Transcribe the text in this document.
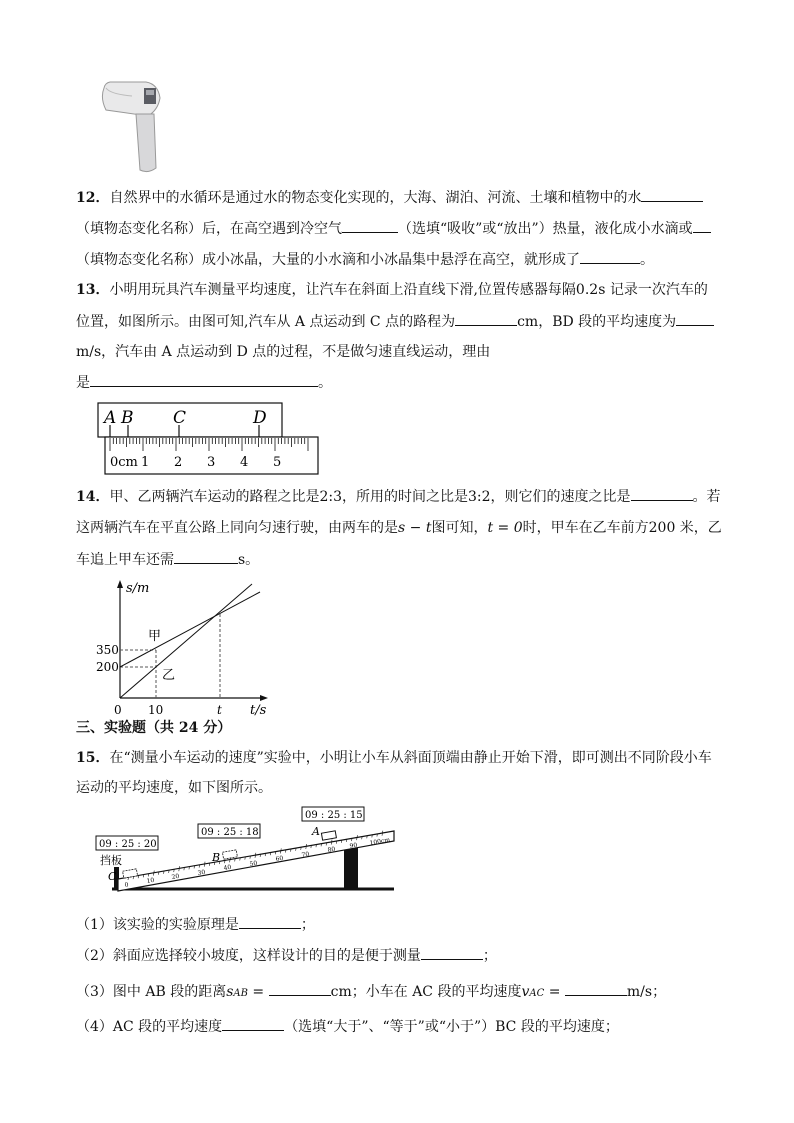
12．自然界中的水循环是通过水的物态变化实现的，大海、湖泊、河流、土壤和植物中的水
（填物态变化名称）后，在高空遇到冷空气	（选填“吸收”或“放出”）热量，液化成小水滴或
（填物态变化名称）成小冰晶，大量的小水滴和小冰晶集中悬浮在高空，就形成了	。
13．小明用玩具汽车测量平均速度，让汽车在斜面上沿直线下滑,位置传感器每隔0.2s 记录一次汽车的
位置，如图所示。由图可知,汽车从 A 点运动到 C 点的路程为	cm，BD 段的平均速度为
m/s，汽车由 A 点运动到 D 点的过程，不是做匀速直线运动，理由
是	。
A B C	D
0cm 1 2 3 4 5
14．甲、乙两辆汽车运动的路程之比是2:3，所用的时间之比是3:2，则它们的速度之比是	。若
这两辆汽车在平直公路上同向匀速行驶，由两车的是s − t图可知，t = 0时，甲车在乙车前方200 米，乙
车追上甲车还需	s。
s/m
t/s
350
200
0 10	t
甲
乙
三、实验题（共 24 分）
15．在“测量小车运动的速度”实验中，小明让小车从斜面顶端由静止开始下滑，即可测出不同阶段小车
运动的平均速度，如下图所示。
09 : 25 : 20
09 : 25 : 18
09 : 25 : 15
挡板
0
10	20	30
40	50
60	70
80 90 100cm
C
B
A
（1）该实验的实验原理是	；
（2）斜面应选择较小坡度，这样设计的目的是便于测量	；
（3）图中 AB 段的距离sAB =	cm；小车在 AC 段的平均速度vAC =	m/s；
（4）AC 段的平均速度	（选填“大于”、“等于”或“小于”）BC 段的平均速度；
